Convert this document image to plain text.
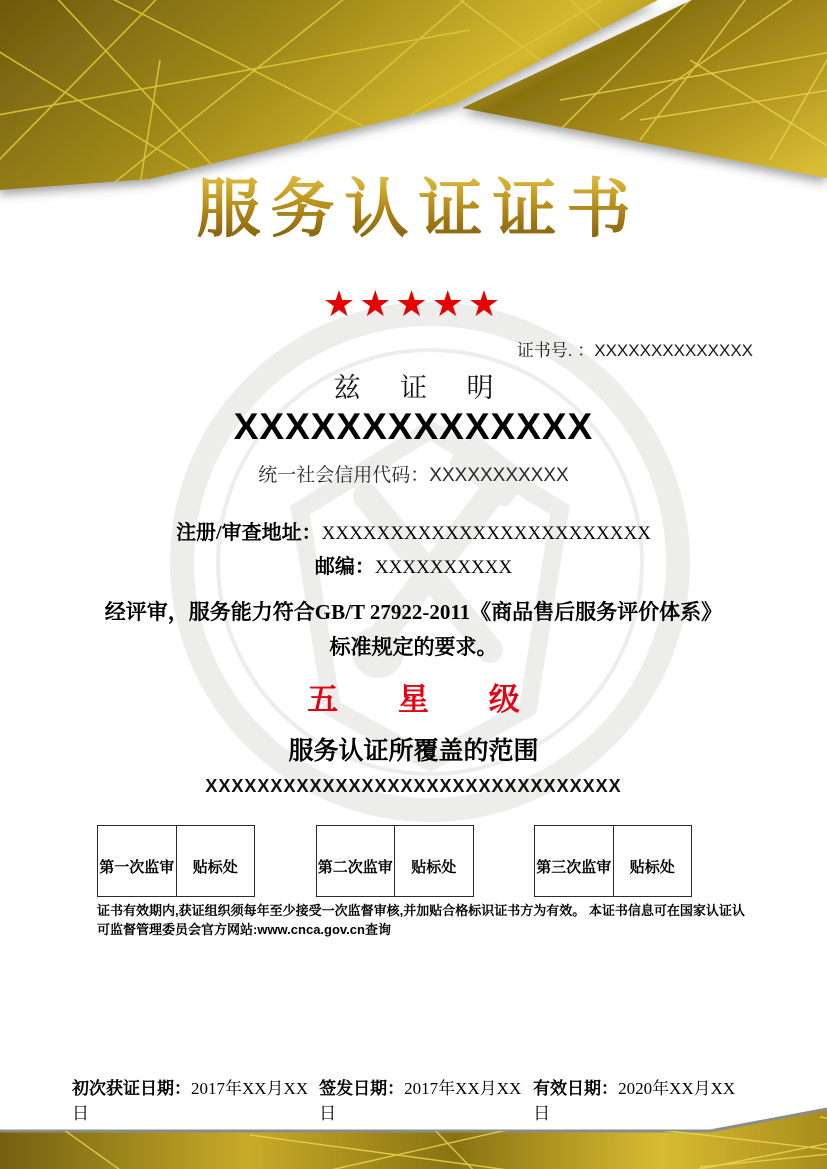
服务认证证书
★★★★★
证书号. ：XXXXXXXXXXXXXX
兹 证 明
XXXXXXXXXXXXXX
统一社会信用代码：XXXXXXXXXXX
注册/审查地址：XXXXXXXXXXXXXXXXXXXXXXXX
邮编：XXXXXXXXXX
经评审，服务能力符合GB/T 27922-2011《商品售后服务评价体系》
标准规定的要求。
五 星 级
服务认证所覆盖的范围
XXXXXXXXXXXXXXXXXXXXXXXXXXXXXXXX
第一次监审	贴标处	第二次监审	贴标处	第三次监审	贴标处
证书有效期内,获证组织须每年至少接受一次监督审核,并加贴合格标识证书方为有效。 本证书信息可在国家认证认
可监督管理委员会官方网站:www.cnca.gov.cn查询
初次获证日期：2017年XX月XX日
签发日期：2017年XX月XX日
有效日期：2020年XX月XX日
